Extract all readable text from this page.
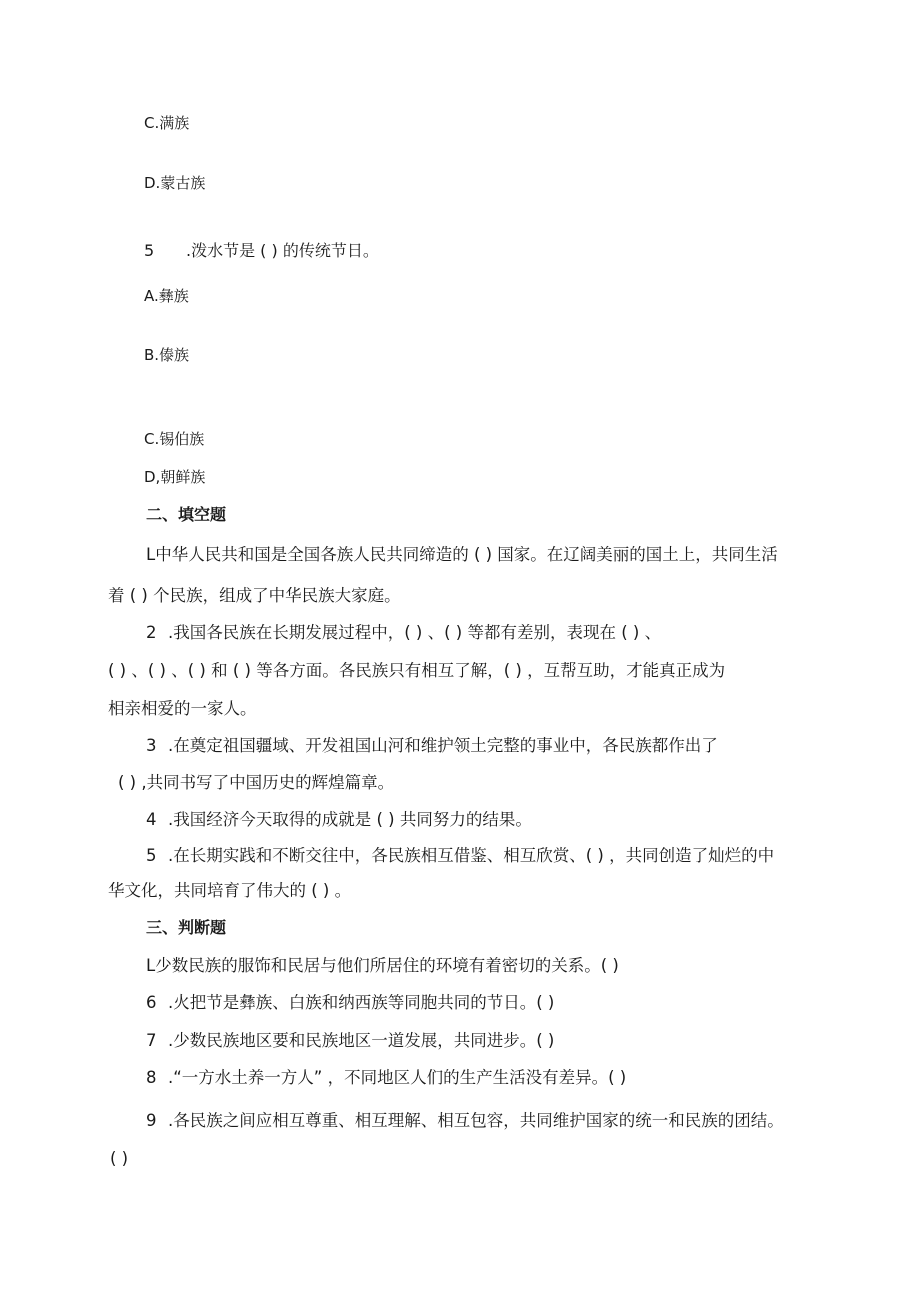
C.满族
D.蒙古族
5 .泼水节是 ( ) 的传统节日。
A.彝族
B.傣族
C.锡伯族
D,朝鲜族
二、填空题
L中华人民共和国是全国各族人民共同缔造的 ( ) 国家。在辽阔美丽的国土上，共同生活
着 ( ) 个民族，组成了中华民族大家庭。
2 .我国各民族在长期发展过程中，( ) 、( ) 等都有差别，表现在 ( ) 、
( ) 、( ) 、( ) 和 ( ) 等各方面。各民族只有相互了解，( ) ，互帮互助，才能真正成为
相亲相爱的一家人。
3 .在奠定祖国疆域、开发祖国山河和维护领土完整的事业中，各民族都作出了
( ) ,共同书写了中国历史的辉煌篇章。
4 .我国经济今天取得的成就是 ( ) 共同努力的结果。
5 .在长期实践和不断交往中，各民族相互借鉴、相互欣赏、( ) ，共同创造了灿烂的中
华文化，共同培育了伟大的 ( ) 。
三、判断题
L少数民族的服饰和民居与他们所居住的环境有着密切的关系。( )
6 .火把节是彝族、白族和纳西族等同胞共同的节日。( )
7 .少数民族地区要和民族地区一道发展，共同进步。( )
8 .“一方水土养一方人” ，不同地区人们的生产生活没有差异。( )
9 .各民族之间应相互尊重、相互理解、相互包容，共同维护国家的统一和民族的团结。
( )
